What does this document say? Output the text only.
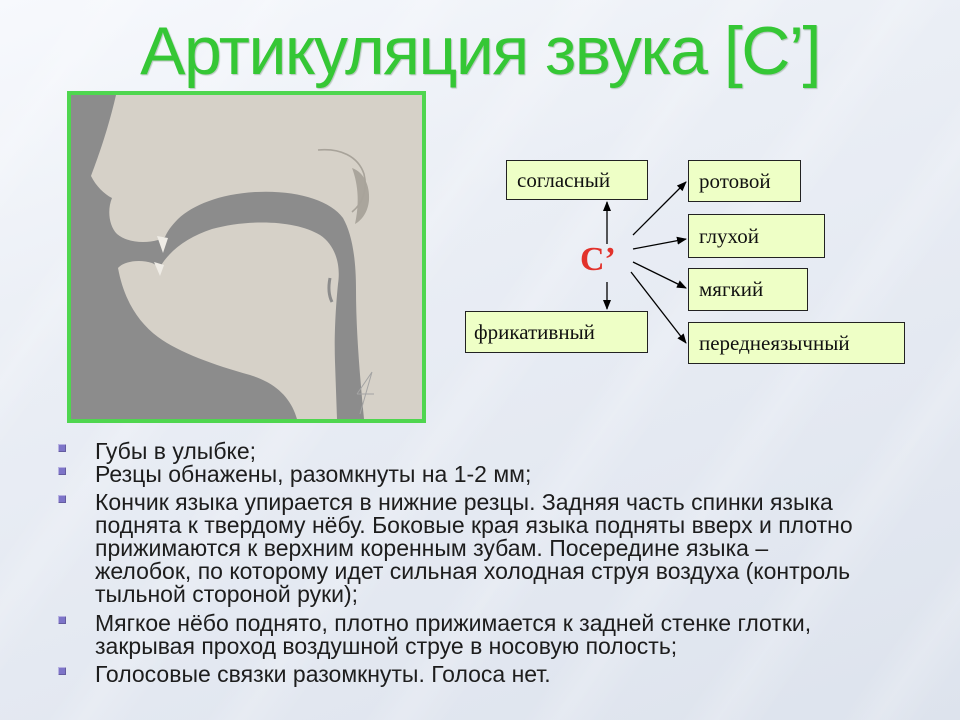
Артикуляция звука [С’]
согласный
фрикативный
ротовой
глухой
мягкий
переднеязычный
С’
Губы в улыбке;
Резцы обнажены, разомкнуты на 1-2 мм;
Кончик языка упирается в нижние резцы. Задняя часть спинки языка
поднята к твердому нёбу. Боковые края языка подняты вверх и плотно
прижимаются к верхним коренным зубам. Посередине языка –
желобок, по которому идет сильная холодная струя воздуха (контроль
тыльной стороной руки);
Мягкое нёбо поднято, плотно прижимается к задней стенке глотки,
закрывая проход воздушной струе в носовую полость;
Голосовые связки разомкнуты. Голоса нет.
